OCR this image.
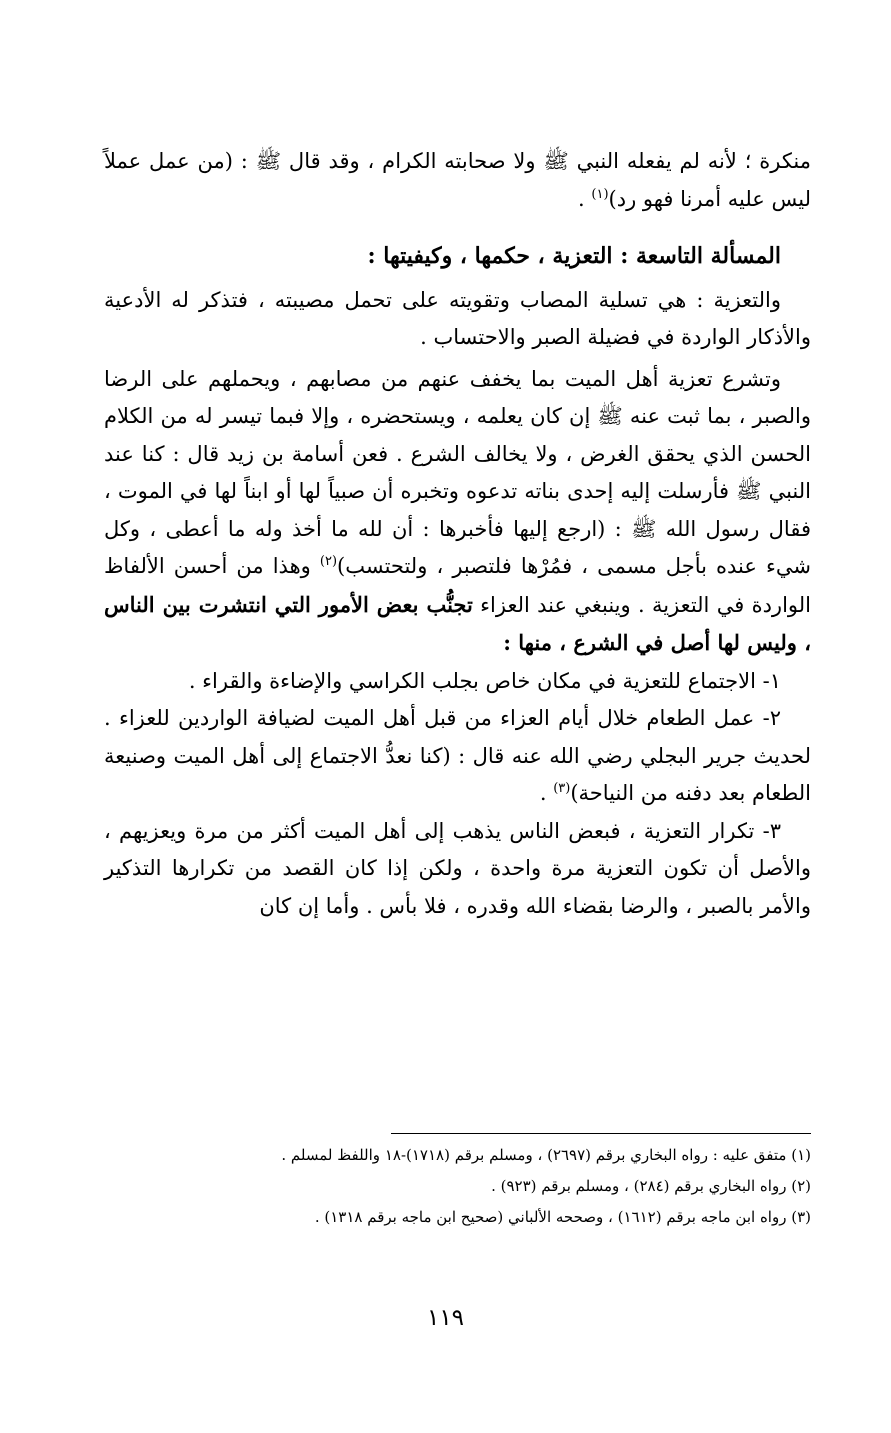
منكرة ؛ لأنه لم يفعله النبي ﷺ ولا صحابته الكرام ، وقد قال ﷺ : (من عمل عملاً ليس عليه أمرنا فهو رد)$^{(١)}$ .

المسألة التاسعة : التعزية ، حكمها ، وكيفيتها :

والتعزية : هي تسلية المصاب وتقويته على تحمل مصيبته ، فتذكر له الأدعية والأذكار الواردة في فضيلة الصبر والاحتساب .

وتشرع تعزية أهل الميت بما يخفف عنهم من مصابهم ، ويحملهم على الرضا والصبر ، بما ثبت عنه ﷺ إن كان يعلمه ، ويستحضره ، وإلا فبما تيسر له من الكلام الحسن الذي يحقق الغرض ، ولا يخالف الشرع . فعن أسامة بن زيد قال : كنا عند النبي ﷺ فأرسلت إليه إحدى بناته تدعوه وتخبره أن صبياً لها أو ابناً لها في الموت ، فقال رسول الله ﷺ : (ارجع إليها فأخبرها : أن لله ما أخذ وله ما أعطى ، وكل شيء عنده بأجل مسمى ، فمُرْها فلتصبر ، ولتحتسب)$^{(٢)}$ وهذا من أحسن الألفاظ الواردة في التعزية . وينبغي عند العزاء تجنُّب بعض الأمور التي انتشرت بين الناس ، وليس لها أصل في الشرع ، منها :

١- الاجتماع للتعزية في مكان خاص بجلب الكراسي والإضاءة والقراء .

٢- عمل الطعام خلال أيام العزاء من قبل أهل الميت لضيافة الواردين للعزاء . لحديث جرير البجلي رضي الله عنه قال : (كنا نعدُّ الاجتماع إلى أهل الميت وصنيعة الطعام بعد دفنه من النياحة)$^{(٣)}$ .

٣- تكرار التعزية ، فبعض الناس يذهب إلى أهل الميت أكثر من مرة ويعزيهم ، والأصل أن تكون التعزية مرة واحدة ، ولكن إذا كان القصد من تكرارها التذكير والأمر بالصبر ، والرضا بقضاء الله وقدره ، فلا بأس . وأما إن كان

(١) متفق عليه : رواه البخاري برقم (٢٦٩٧) ، ومسلم برقم (١٧١٨)-١٨ واللفظ لمسلم .

(٢) رواه البخاري برقم (٢٨٤) ، ومسلم برقم (٩٢٣) .

(٣) رواه ابن ماجه برقم (١٦١٢) ، وصححه الألباني (صحيح ابن ماجه برقم ١٣١٨) .

١١٩
